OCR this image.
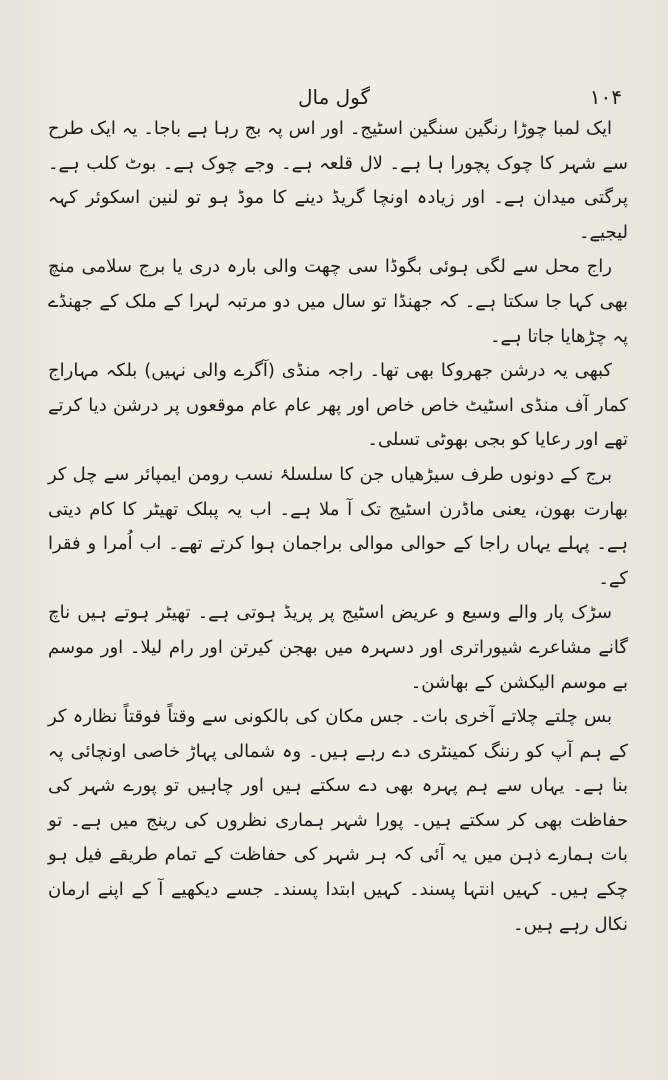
گول مال	۱۰۴

ایک لمبا چوڑا رنگین سنگین اسٹیج۔ اور اس پہ بج رہا ہے باجا۔ یہ ایک طرح سے شہر کا چوک پچورا ہا ہے۔ لال قلعہ ہے۔ وجے چوک ہے۔ بوٹ کلب ہے۔ پرگتی میدان ہے۔ اور زیادہ اونچا گریڈ دینے کا موڈ ہو تو لنین اسکوئر کہہ لیجیے۔

راج محل سے لگی ہوئی بگوڈا سی چھت والی بارہ دری یا برج سلامی منچ بھی کہا جا سکتا ہے۔ کہ جھنڈا تو سال میں دو مرتبہ لہرا کے ملک کے جھنڈے پہ چڑھایا جاتا ہے۔

کبھی یہ درشن جھروکا بھی تھا۔ راجہ منڈی (آگرے والی نہیں) بلکہ مہاراج کمار آف منڈی اسٹیٹ خاص خاص اور پھر عام عام موقعوں پر درشن دیا کرتے تھے اور رعایا کو بجی بھوٹی تسلی۔

برج کے دونوں طرف سیڑھیاں جن کا سلسلۂ نسب رومن ایمپائر سے چل کر بھارت بھون، یعنی ماڈرن اسٹیج تک آ ملا ہے۔ اب یہ پبلک تھیٹر کا کام دیتی ہے۔ پہلے یہاں راجا کے حوالی موالی براجمان ہوا کرتے تھے۔ اب اُمرا و فقرا کے۔

سڑک پار والے وسیع و عریض اسٹیج پر پریڈ ہوتی ہے۔ تھیٹر ہوتے ہیں ناچ گانے مشاعرے شیوراتری اور دسہرہ میں بھجن کیرتن اور رام لیلا۔ اور موسم بے موسم الیکشن کے بھاشن۔

بس چلتے چلاتے آخری بات۔ جس مکان کی بالکونی سے وقتاً فوقتاً نظارہ کر کے ہم آپ کو رننگ کمینٹری دے رہے ہیں۔ وہ شمالی پہاڑ خاصی اونچائی پہ بنا ہے۔ یہاں سے ہم پہرہ بھی دے سکتے ہیں اور چاہیں تو پورے شہر کی حفاظت بھی کر سکتے ہیں۔ پورا شہر ہماری نظروں کی رینج میں ہے۔ تو بات ہمارے ذہن میں یہ آئی کہ ہر شہر کی حفاظت کے تمام طریقے فیل ہو چکے ہیں۔ کہیں انتہا پسند۔ کہیں ابتدا پسند۔ جسے دیکھیے آ کے اپنے ارمان نکال رہے ہیں۔
